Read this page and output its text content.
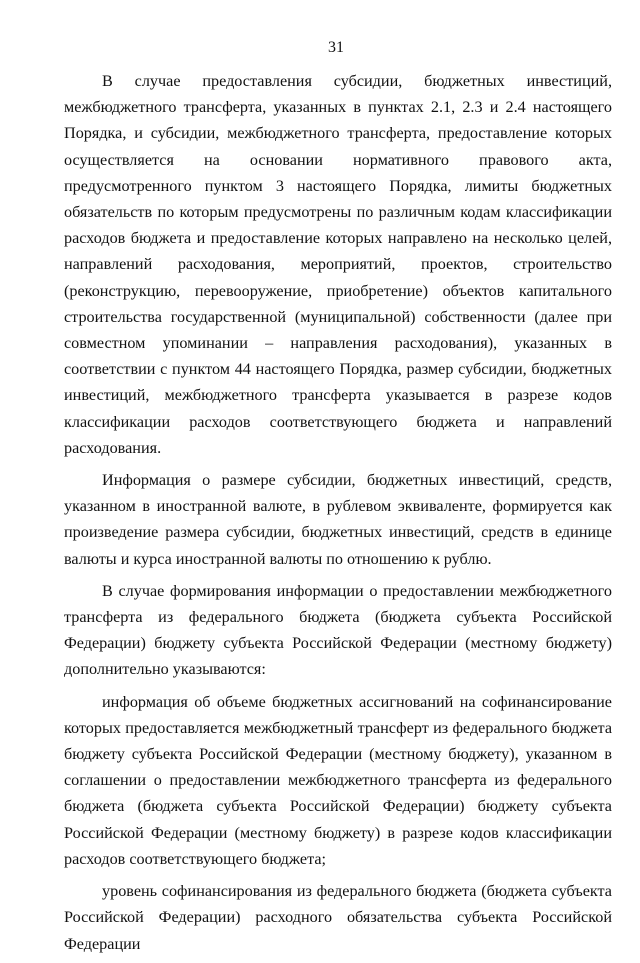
31

В случае предоставления субсидии, бюджетных инвестиций, межбюджетного трансферта, указанных в пунктах 2.1, 2.3 и 2.4 настоящего Порядка, и субсидии, межбюджетного трансферта, предоставление которых осуществляется на основании нормативного правового акта, предусмотренного пунктом 3 настоящего Порядка, лимиты бюджетных обязательств по которым предусмотрены по различным кодам классификации расходов бюджета и предоставление которых направлено на несколько целей, направлений расходования, мероприятий, проектов, строительство (реконструкцию, перевооружение, приобретение) объектов капитального строительства государственной (муниципальной) собственности (далее при совместном упоминании – направления расходования), указанных в соответствии с пунктом 44 настоящего Порядка, размер субсидии, бюджетных инвестиций, межбюджетного трансферта указывается в разрезе кодов классификации расходов соответствующего бюджета и направлений расходования.

Информация о размере субсидии, бюджетных инвестиций, средств, указанном в иностранной валюте, в рублевом эквиваленте, формируется как произведение размера субсидии, бюджетных инвестиций, средств в единице валюты и курса иностранной валюты по отношению к рублю.

В случае формирования информации о предоставлении межбюджетного трансферта из федерального бюджета (бюджета субъекта Российской Федерации) бюджету субъекта Российской Федерации (местному бюджету) дополнительно указываются:

информация об объеме бюджетных ассигнований на софинансирование которых предоставляется межбюджетный трансферт из федерального бюджета бюджету субъекта Российской Федерации (местному бюджету), указанном в соглашении о предоставлении межбюджетного трансферта из федерального бюджета (бюджета субъекта Российской Федерации) бюджету субъекта Российской Федерации (местному бюджету) в разрезе кодов классификации расходов соответствующего бюджета;

уровень софинансирования из федерального бюджета (бюджета субъекта Российской Федерации) расходного обязательства субъекта Российской Федерации
